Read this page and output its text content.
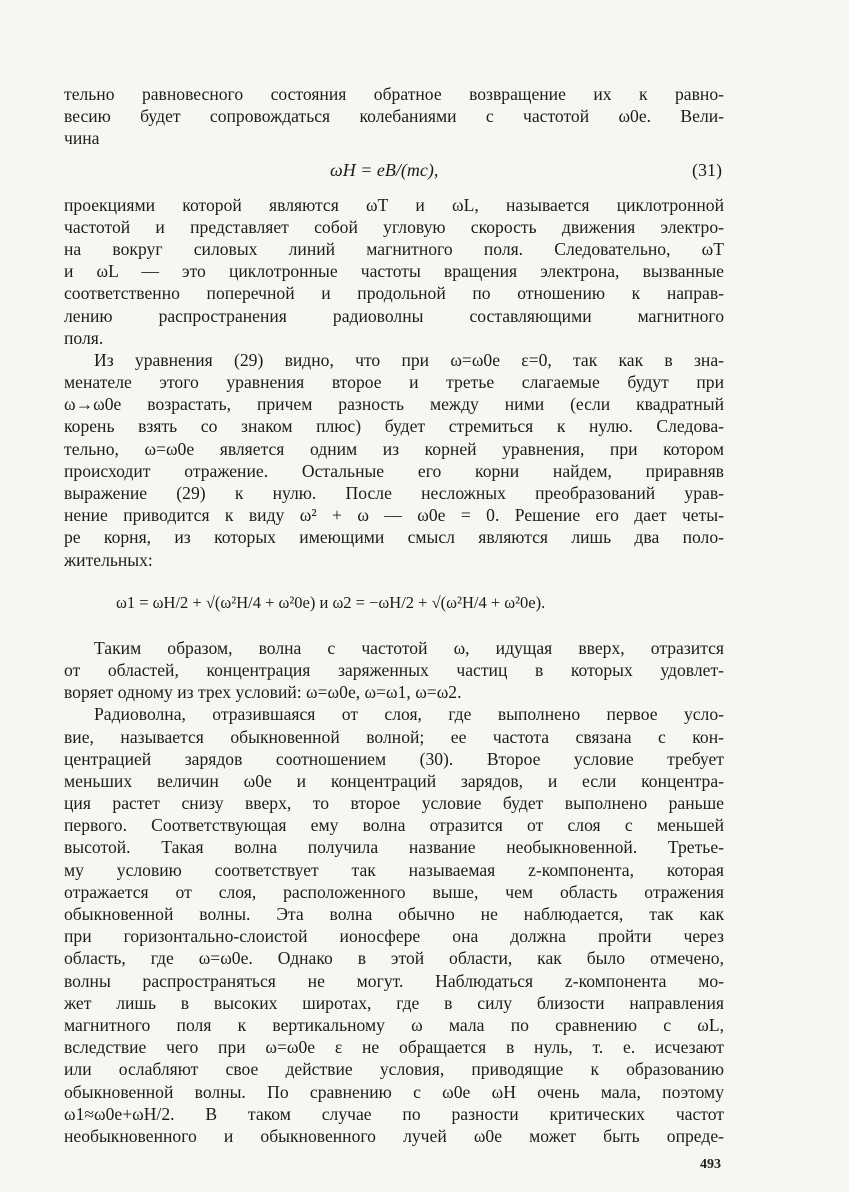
тельно равновесного состояния обратное возвращение их к равно-
весию будет сопровождаться колебаниями с частотой ω0e. Вели-
чина
ωH = eB/(mc),	(31)
проекциями которой являются ωT и ωL, называется циклотронной
частотой и представляет собой угловую скорость движения электро-
на вокруг силовых линий магнитного поля. Следовательно, ωT
и ωL — это циклотронные частоты вращения электрона, вызванные
соответственно поперечной и продольной по отношению к направ-
лению распространения радиоволны составляющими магнитного
поля.
Из уравнения (29) видно, что при ω=ω0e ε=0, так как в зна-
менателе этого уравнения второе и третье слагаемые будут при
ω→ω0e возрастать, причем разность между ними (если квадратный
корень взять со знаком плюс) будет стремиться к нулю. Следова-
тельно, ω=ω0e является одним из корней уравнения, при котором
происходит отражение. Остальные его корни найдем, приравняв
выражение (29) к нулю. После несложных преобразований урав-
нение приводится к виду ω² + ω — ω0e = 0. Решение его дает четы-
ре корня, из которых имеющими смысл являются лишь два поло-
жительных:
ω1 = ωH/2 + √(ω²H/4 + ω²0e) и ω2 = −ωH/2 + √(ω²H/4 + ω²0e).
Таким образом, волна с частотой ω, идущая вверх, отразится
от областей, концентрация заряженных частиц в которых удовлет-
воряет одному из трех условий: ω=ω0e, ω=ω1, ω=ω2.
Радиоволна, отразившаяся от слоя, где выполнено первое усло-
вие, называется обыкновенной волной; ее частота связана с кон-
центрацией зарядов соотношением (30). Второе условие требует
меньших величин ω0e и концентраций зарядов, и если концентра-
ция растет снизу вверх, то второе условие будет выполнено раньше
первого. Соответствующая ему волна отразится от слоя с меньшей
высотой. Такая волна получила название необыкновенной. Третье-
му условию соответствует так называемая z-компонента, которая
отражается от слоя, расположенного выше, чем область отражения
обыкновенной волны. Эта волна обычно не наблюдается, так как
при горизонтально-слоистой ионосфере она должна пройти через
область, где ω=ω0e. Однако в этой области, как было отмечено,
волны распространяться не могут. Наблюдаться z-компонента мо-
жет лишь в высоких широтах, где в силу близости направления
магнитного поля к вертикальному ω мала по сравнению с ωL,
вследствие чего при ω=ω0e ε не обращается в нуль, т. е. исчезают
или ослабляют свое действие условия, приводящие к образованию
обыкновенной волны. По сравнению с ω0e ωH очень мала, поэтому
ω1≈ω0e+ωH/2. В таком случае по разности критических частот
необыкновенного и обыкновенного лучей ω0e может быть опреде-
493
